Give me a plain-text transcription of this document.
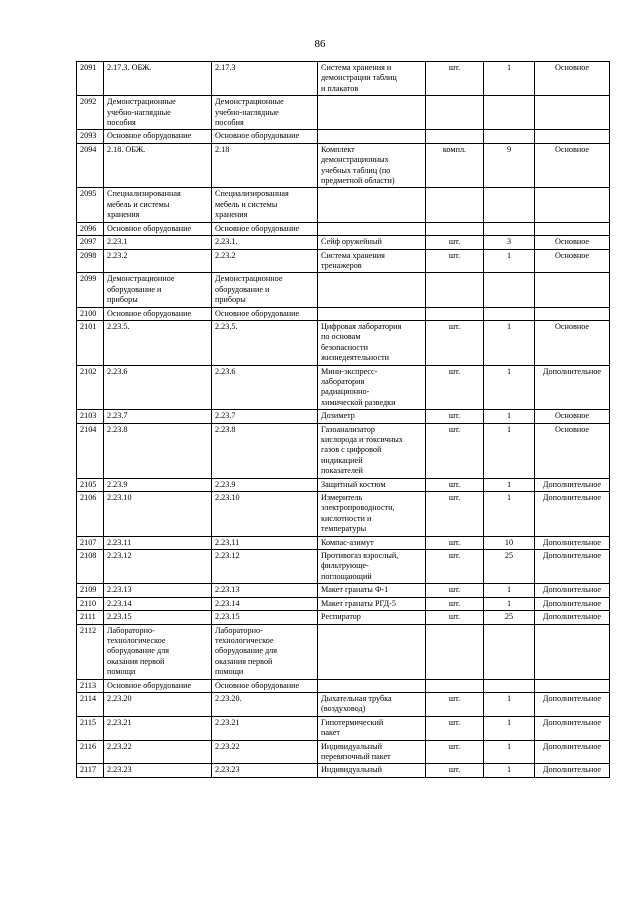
86
2091	2.17.3. ОБЖ.	2.17.3	Система хранения и
демонстрации таблиц
и плакатов	шт.	1	Основное
2092	Демонстрационные
учебно-наглядные
пособия	Демонстрационные
учебно-наглядные
пособия				
2093	Основное оборудование	Основное оборудование				
2094	2.18. ОБЖ.	2.18	Комплект
демонстрационных
учебных таблиц (по
предметной области)	компл.	9	Основное
2095	Специализированная
мебель и системы
хранения	Специализированная
мебель и системы
хранения				
2096	Основное оборудование	Основное оборудование				
2097	2.23.1	2.23.1.	Сейф оружейный	шт.	3	Основное
2098	2.23.2	2.23.2	Система хранения
тренажеров	шт.	1	Основное
2099	Демонстрационное
оборудование и
приборы	Демонстрационное
оборудование и
приборы				
2100	Основное оборудование	Основное оборудование				
2101	2.23.5.	2.23.5.	Цифровая лаборатория
по основам
безопасности
жизнедеятельности	шт.	1	Основное
2102	2.23.6	2.23.6	Мини-экспресс-
лаборатория
радиационно-
химической разведки	шт.	1	Дополнительное
2103	2.23.7	2.23.7	Дозиметр	шт.	1	Основное
2104	2.23.8	2.23.8	Газоанализатор
кислорода и токсичных
газов с цифровой
индикацией
показателей	шт.	1	Основное
2105	2.23.9	2.23.9	Защитный костюм	шт.	1	Дополнительное
2106	2.23.10	2.23.10	Измеритель
электропроводности,
кислотности и
температуры	шт.	1	Дополнительное
2107	2.23.11	2.23.11	Компас-азимут	шт.	10	Дополнительное
2108	2.23.12	2.23.12	Противогаз взрослый,
фильтрующе-
поглощающий	шт.	25	Дополнительное
2109	2.23.13	2.23.13	Макет гранаты Ф-1	шт.	1	Дополнительное
2110	2.23.14	2.23.14	Макет гранаты РГД-5	шт.	1	Дополнительное
2111	2.23.15	2.23.15	Респиратор	шт.	25	Дополнительное
2112	Лабораторно-
технологическое
оборудование для
оказания первой
помощи	Лабораторно-
технологическое
оборудование для
оказания первой
помощи				
2113	Основное оборудование	Основное оборудование				
2114	2.23.20	2.23.20.	Дыхательная трубка
(воздуховод)	шт.	1	Дополнительное
2115	2.23.21	2.23.21	Гипотермический
пакет	шт.	1	Дополнительное
2116	2.23.22	2.23.22	Индивидуальный
перевязочный пакет	шт.	1	Дополнительное
2117	2.23.23	2.23.23	Индивидуальный	шт.	1	Дополнительное
